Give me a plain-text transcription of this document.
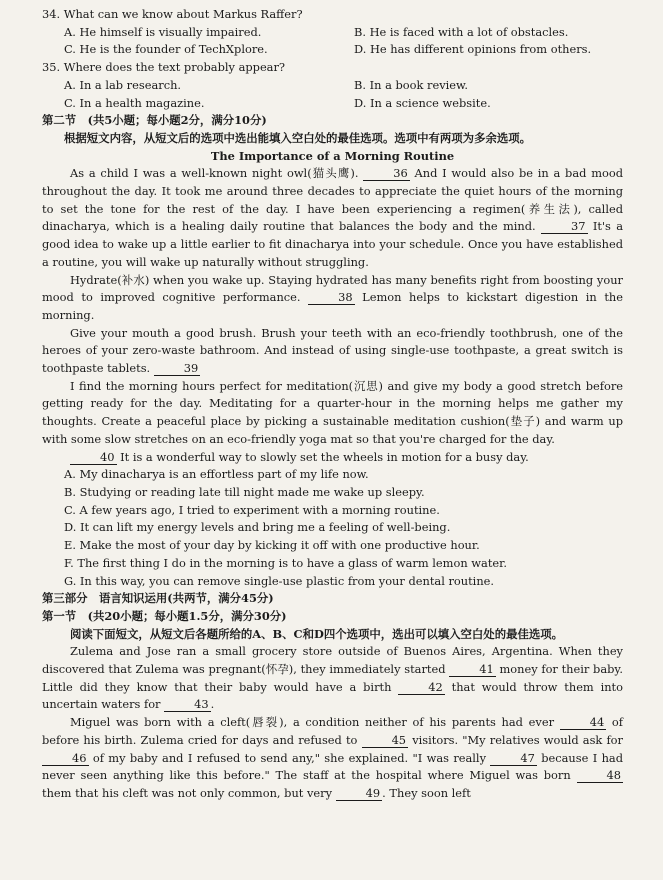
34. What can we know about Markus Raffer?
A. He himself is visually impaired.	B. He is faced with a lot of obstacles.
C. He is the founder of TechXplore.	D. He has different opinions from others.
35. Where does the text probably appear?
A. In a lab research.	B. In a book review.
C. In a health magazine.	D. In a science website.
第二节　(共5小题；每小题2分，满分10分)
根据短文内容，从短文后的选项中选出能填入空白处的最佳选项。选项中有两项为多余选项。
The Importance of a Morning Routine

As a child I was a well-known night owl(猫头鹰).	36 And I would also be in a bad mood throughout the day. It took me around three decades to appreciate the quiet hours of the morning to set the tone for the rest of the day. I have been experiencing a regimen(养生法), called dinacharya, which is a healing daily routine that balances the body and the mind.	37 It's a good idea to wake up a little earlier to fit dinacharya into your schedule. Once you have established a routine, you will wake up naturally without struggling.

Hydrate(补水) when you wake up. Staying hydrated has many benefits right from boosting your mood to improved cognitive performance.	38 Lemon helps to kickstart digestion in the morning.

Give your mouth a good brush. Brush your teeth with an eco-friendly toothbrush, one of the heroes of your zero-waste bathroom. And instead of using single-use toothpaste, a great switch is toothpaste tablets.	39

I find the morning hours perfect for meditation(沉思) and give my body a good stretch before getting ready for the day. Meditating for a quarter-hour in the morning helps me gather my thoughts. Create a peaceful place by picking a sustainable meditation cushion(垫子) and warm up with some slow stretches on an eco-friendly yoga mat so that you're charged for the day.

40 It is a wonderful way to slowly set the wheels in motion for a busy day.

A. My dinacharya is an effortless part of my life now.
B. Studying or reading late till night made me wake up sleepy.
C. A few years ago, I tried to experiment with a morning routine.
D. It can lift my energy levels and bring me a feeling of well-being.
E. Make the most of your day by kicking it off with one productive hour.
F. The first thing I do in the morning is to have a glass of warm lemon water.
G. In this way, you can remove single-use plastic from your dental routine.
第三部分　语言知识运用(共两节，满分45分)
第一节　(共20小题；每小题1.5分，满分30分)

阅读下面短文，从短文后各题所给的A、B、C和D四个选项中，选出可以填入空白处的最佳选项。

Zulema and Jose ran a small grocery store outside of Buenos Aires, Argentina. When they discovered that Zulema was pregnant(怀孕), they immediately started	41 money for their baby. Little did they know that their baby would have a birth	42 that would throw them into uncertain waters for	43 .

Miguel was born with a cleft(唇裂), a condition neither of his parents had ever	44 of before his birth. Zulema cried for days and refused to	45 visitors. "My relatives would ask for 46 of my baby and I refused to send any," she explained. "I was really	47 because I had never seen anything like this before." The staff at the hospital where Miguel was born	48 them that his cleft was not only common, but very	49 . They soon left
